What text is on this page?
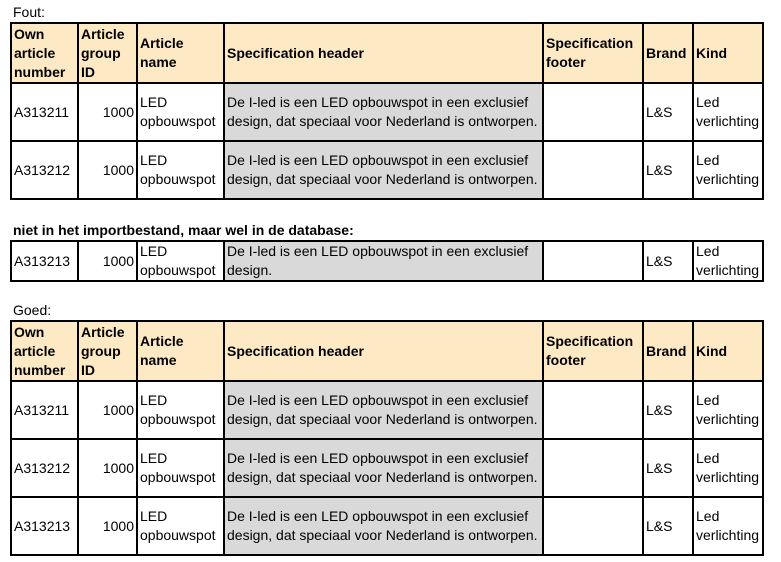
Fout:
Own article number	Article group ID	Article name	Specification header	Specification footer	Brand	Kind
A313211	1000	LED opbouwspot	De I-led is een LED opbouwspot in een exclusief design, dat speciaal voor Nederland is ontworpen.		L&S	Led verlichting
A313212	1000	LED opbouwspot	De I-led is een LED opbouwspot in een exclusief design, dat speciaal voor Nederland is ontworpen.		L&S	Led verlichting
niet in het importbestand, maar wel in de database:
A313213	1000	LED opbouwspot	De I-led is een LED opbouwspot in een exclusief design.		L&S	Led verlichting
Goed:
Own article number	Article group ID	Article name	Specification header	Specification footer	Brand	Kind
A313211	1000	LED opbouwspot	De I-led is een LED opbouwspot in een exclusief design, dat speciaal voor Nederland is ontworpen.		L&S	Led verlichting
A313212	1000	LED opbouwspot	De I-led is een LED opbouwspot in een exclusief design, dat speciaal voor Nederland is ontworpen.		L&S	Led verlichting
A313213	1000	LED opbouwspot	De I-led is een LED opbouwspot in een exclusief design, dat speciaal voor Nederland is ontworpen.		L&S	Led verlichting
